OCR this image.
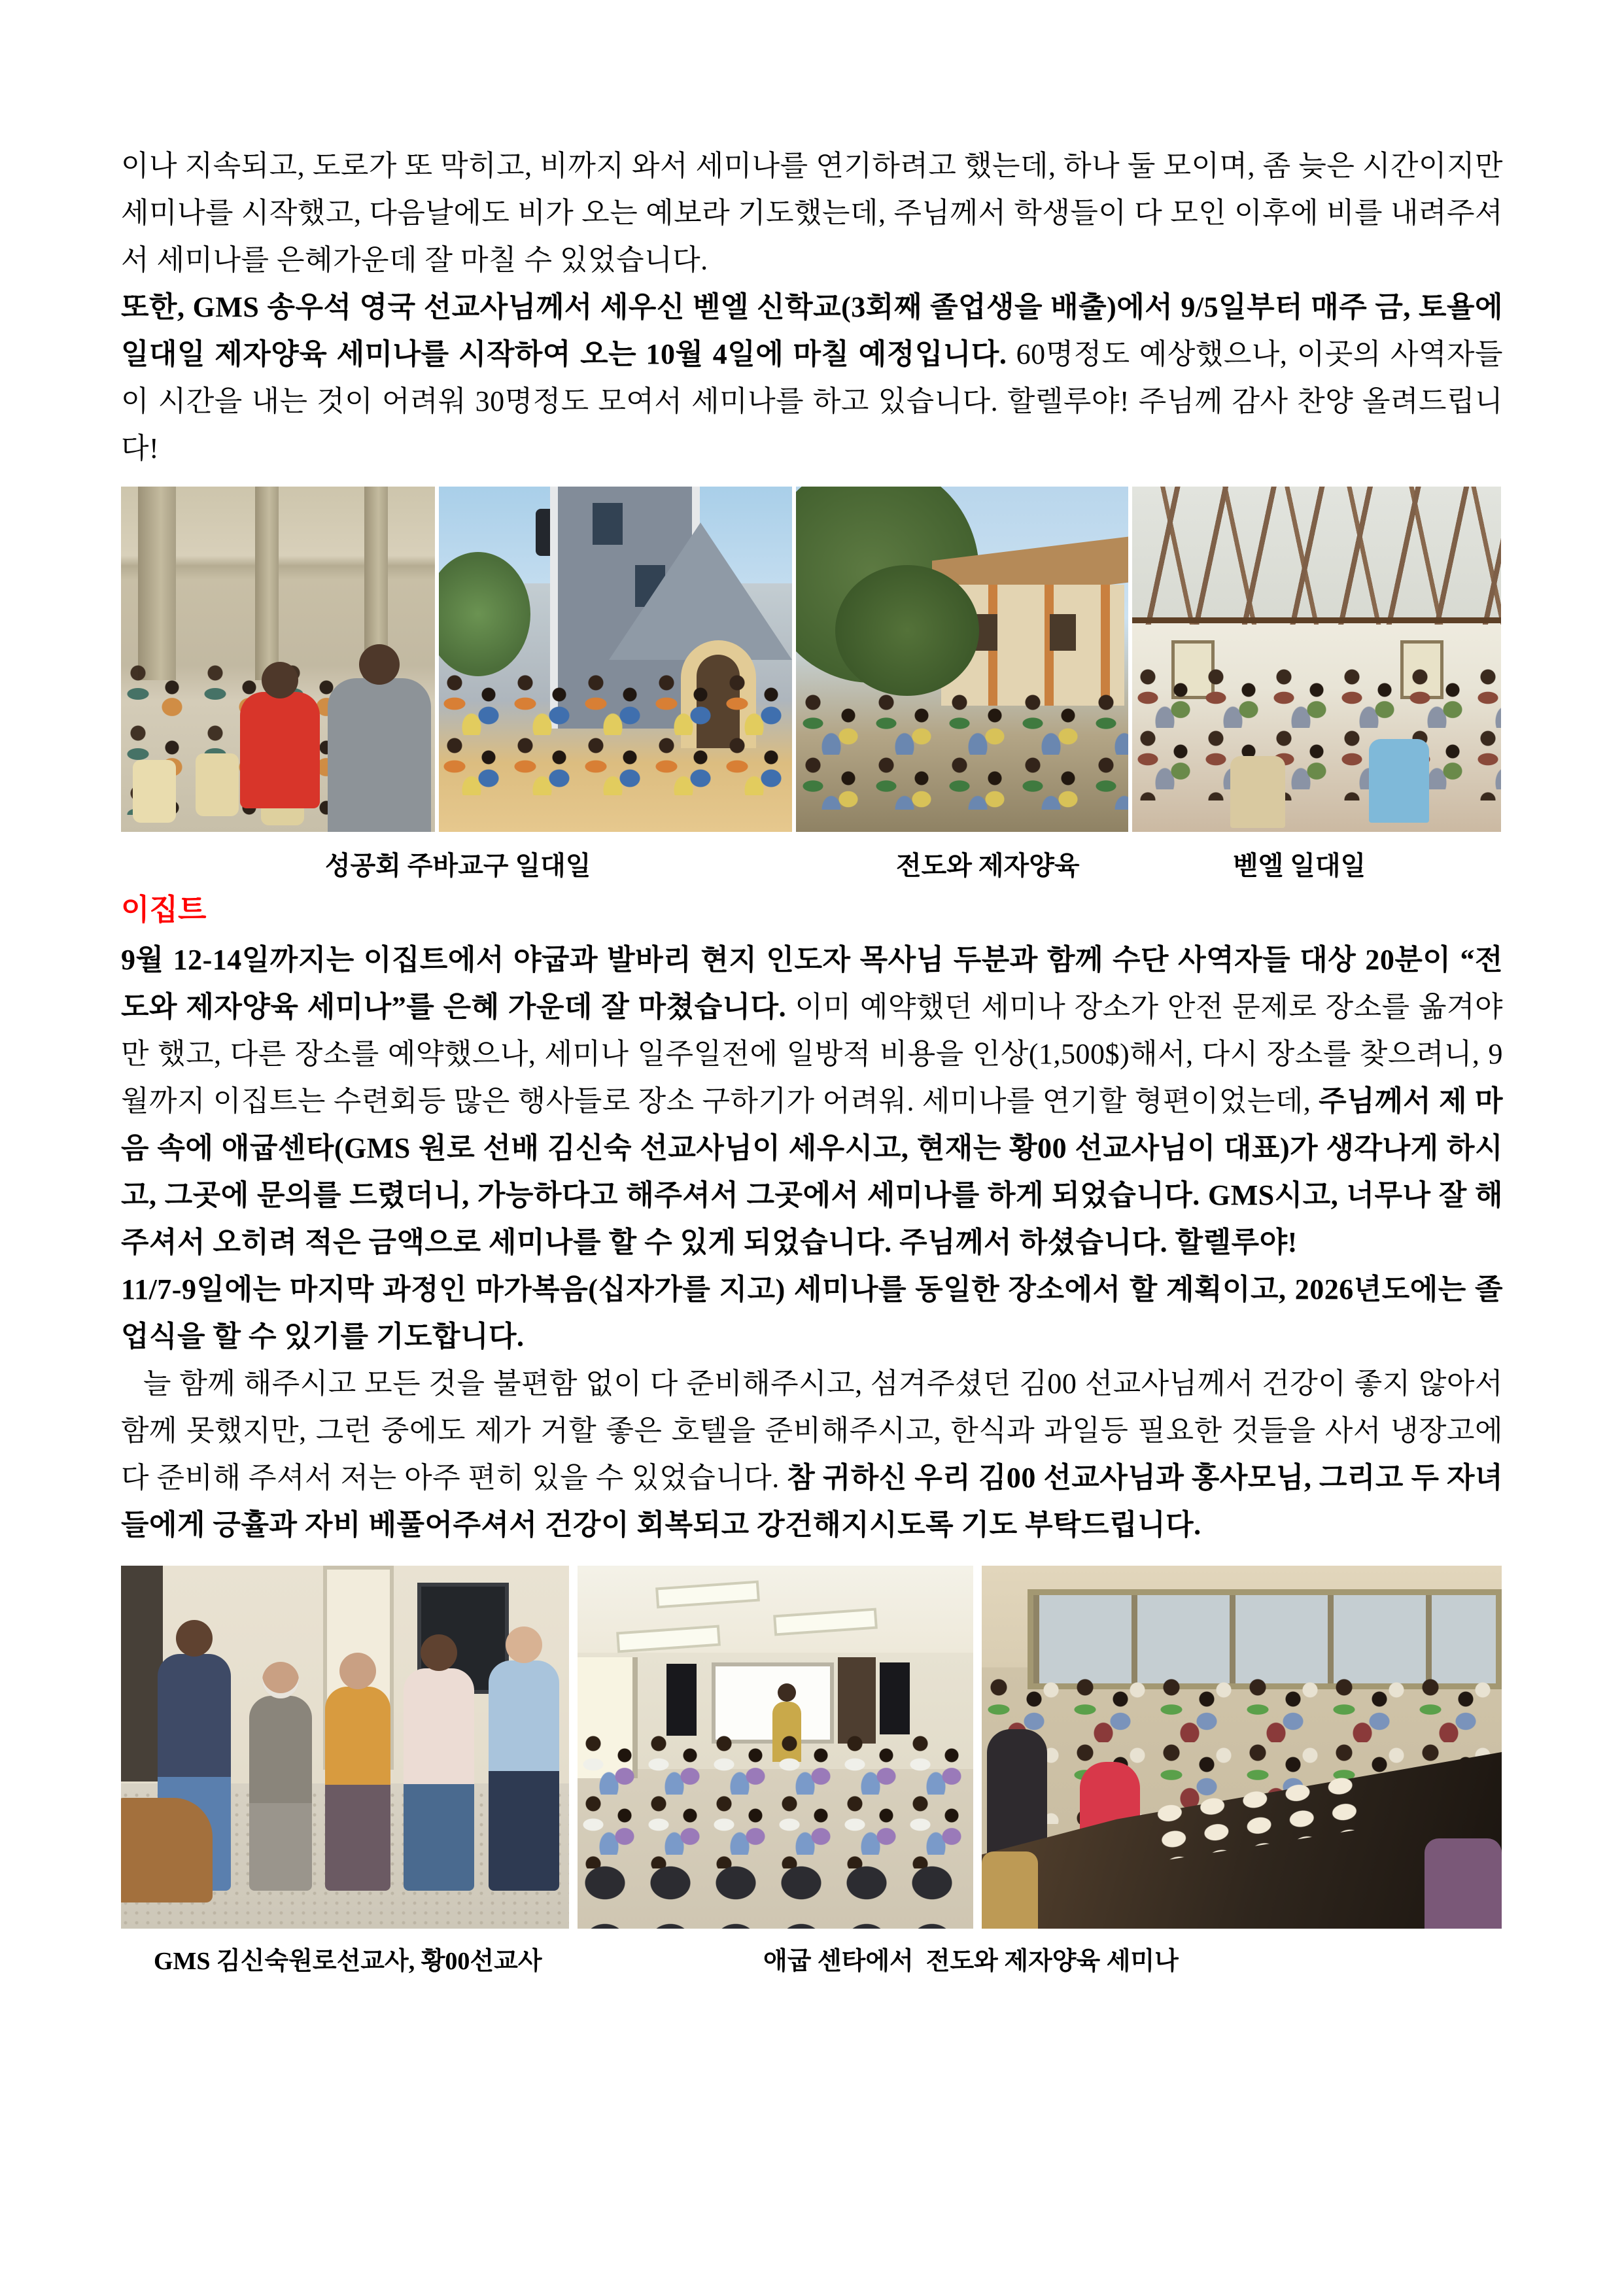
이나 지속되고, 도로가 또 막히고, 비까지 와서 세미나를 연기하려고 했는데, 하나 둘 모이며, 좀 늦은 시간이지만 세미나를 시작했고, 다음날에도 비가 오는 예보라 기도했는데, 주님께서 학생들이 다 모인 이후에 비를 내려주셔서 세미나를 은혜가운데 잘 마칠 수 있었습니다.

또한, GMS 송우석 영국 선교사님께서 세우신 벧엘 신학교(3회째 졸업생을 배출)에서 9/5일부터 매주 금, 토욜에 일대일 제자양육 세미나를 시작하여 오는 10월 4일에 마칠 예정입니다. 60명정도 예상했으나, 이곳의 사역자들이 시간을 내는 것이 어려워 30명정도 모여서 세미나를 하고 있습니다. 할렐루야! 주님께 감사 찬양 올려드립니다!

성공회 주바교구 일대일	전도와 제자양육	벧엘 일대일
이집트

9월 12-14일까지는 이집트에서 야굽과 발바리 현지 인도자 목사님 두분과 함께 수단 사역자들 대상 20분이 “전도와 제자양육 세미나”를 은혜 가운데 잘 마쳤습니다. 이미 예약했던 세미나 장소가 안전 문제로 장소를 옮겨야만 했고, 다른 장소를 예약했으나, 세미나 일주일전에 일방적 비용을 인상(1,500$)해서, 다시 장소를 찾으려니, 9월까지 이집트는 수련회등 많은 행사들로 장소 구하기가 어려워. 세미나를 연기할 형편이었는데, 주님께서 제 마음 속에 애굽센타(GMS 원로 선배 김신숙 선교사님이 세우시고, 현재는 황00 선교사님이 대표)가 생각나게 하시고, 그곳에 문의를 드렸더니, 가능하다고 해주셔서 그곳에서 세미나를 하게 되었습니다. GMS시고, 너무나 잘 해주셔서 오히려 적은 금액으로 세미나를 할 수 있게 되었습니다. 주님께서 하셨습니다. 할렐루야!

11/7-9일에는 마지막 과정인 마가복음(십자가를 지고) 세미나를 동일한 장소에서 할 계획이고, 2026년도에는 졸업식을 할 수 있기를 기도합니다.

늘 함께 해주시고 모든 것을 불편함 없이 다 준비해주시고, 섬겨주셨던 김00 선교사님께서 건강이 좋지 않아서 함께 못했지만, 그런 중에도 제가 거할 좋은 호텔을 준비해주시고, 한식과 과일등 필요한 것들을 사서 냉장고에 다 준비해 주셔서 저는 아주 편히 있을 수 있었습니다. 참 귀하신 우리 김00 선교사님과 홍사모님, 그리고 두 자녀들에게 긍휼과 자비 베풀어주셔서 건강이 회복되고 강건해지시도록 기도 부탁드립니다.

GMS 김신숙원로선교사, 황00선교사	애굽 센타에서  전도와 제자양육 세미나
